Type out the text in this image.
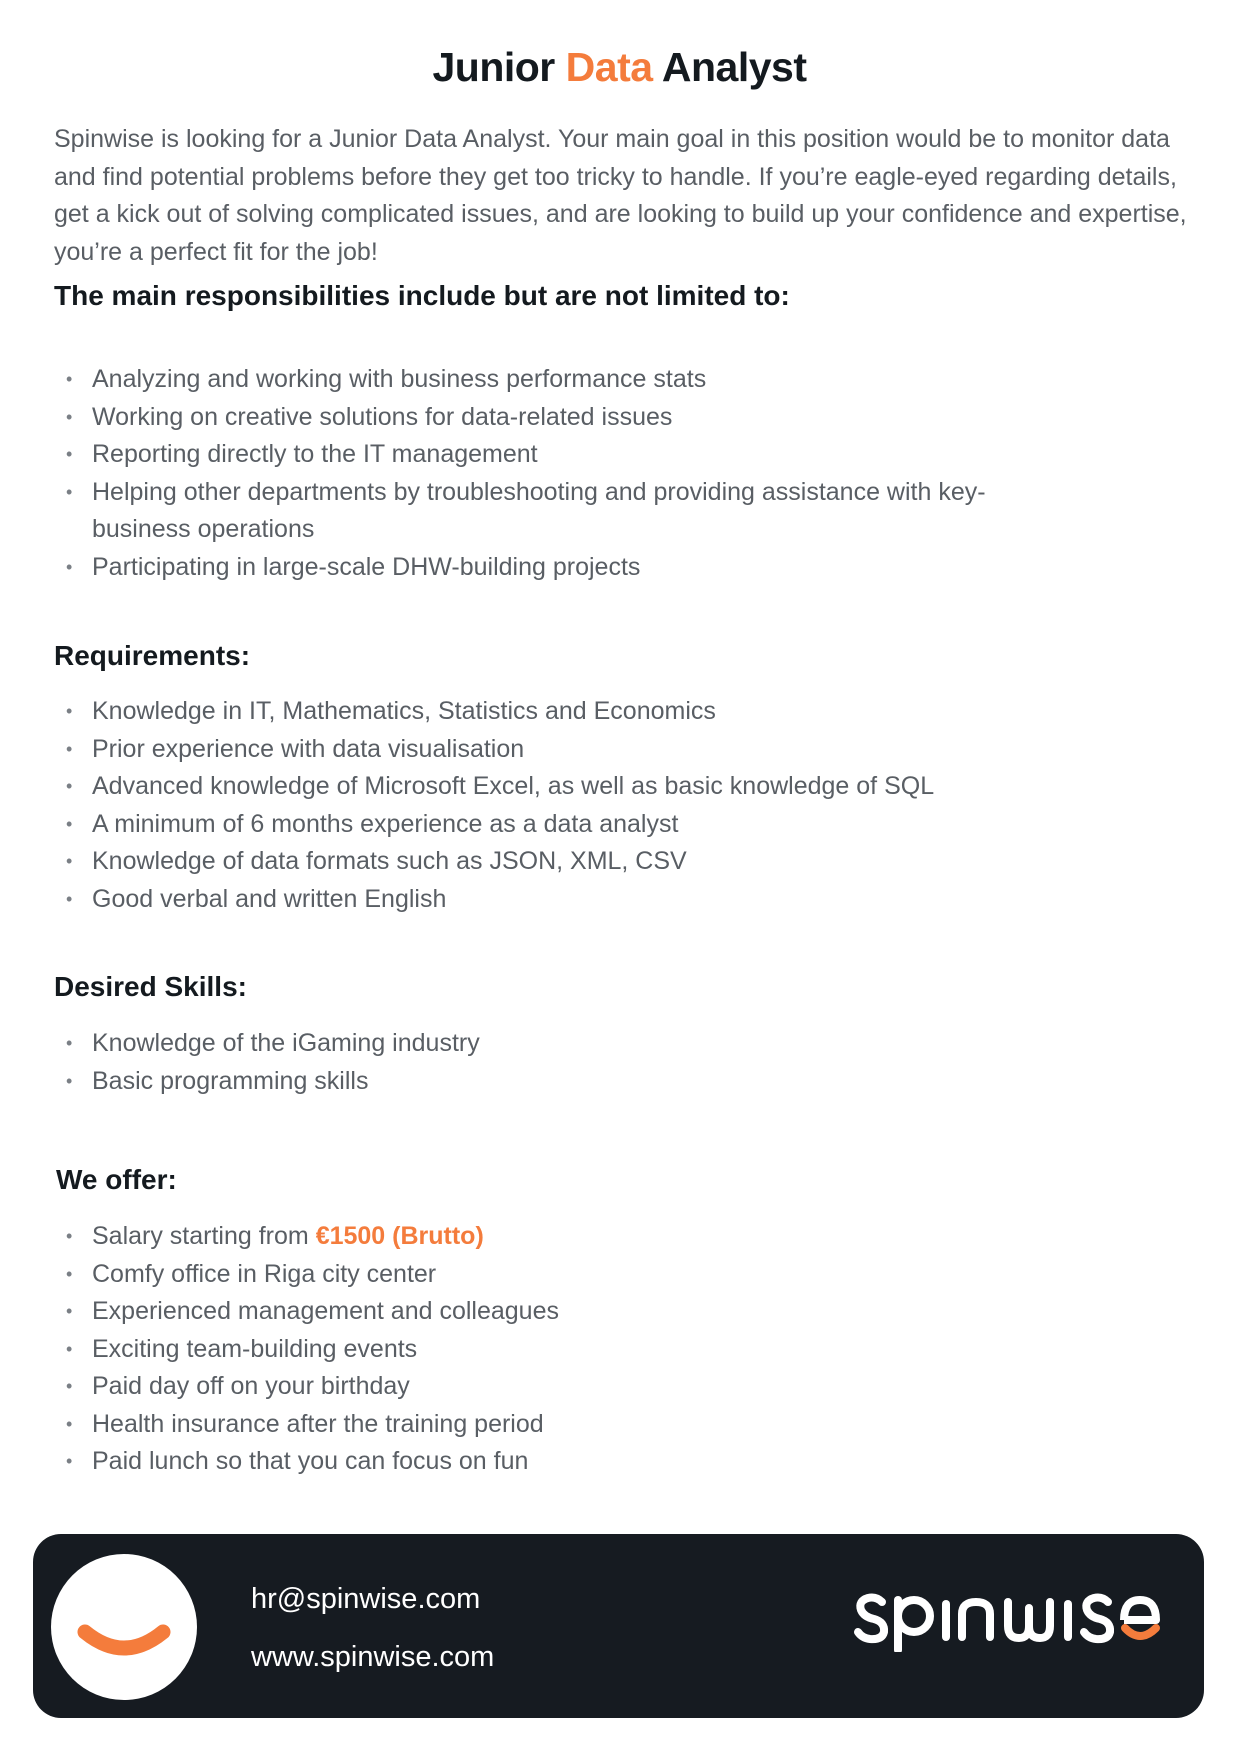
Junior Data Analyst

Spinwise is looking for a Junior Data Analyst. Your main goal in this position would be to monitor data and find potential problems before they get too tricky to handle. If you’re eagle-eyed regarding details, get a kick out of solving complicated issues, and are looking to build up your confidence and expertise, you’re a perfect fit for the job!

The main responsibilities include but are not limited to:
• Analyzing and working with business performance stats
• Working on creative solutions for data-related issues
• Reporting directly to the IT management
• Helping other departments by troubleshooting and providing assistance with key-business operations
• Participating in large-scale DHW-building projects
Requirements:
• Knowledge in IT, Mathematics, Statistics and Economics
• Prior experience with data visualisation
• Advanced knowledge of Microsoft Excel, as well as basic knowledge of SQL
• A minimum of 6 months experience as a data analyst
• Knowledge of data formats such as JSON, XML, CSV
• Good verbal and written English
Desired Skills:
• Knowledge of the iGaming industry
• Basic programming skills
We offer:
• Salary starting from €1500 (Brutto)
• Comfy office in Riga city center
• Experienced management and colleagues
• Exciting team-building events
• Paid day off on your birthday
• Health insurance after the training period
• Paid lunch so that you can focus on fun
hr@spinwise.com
www.spinwise.com
